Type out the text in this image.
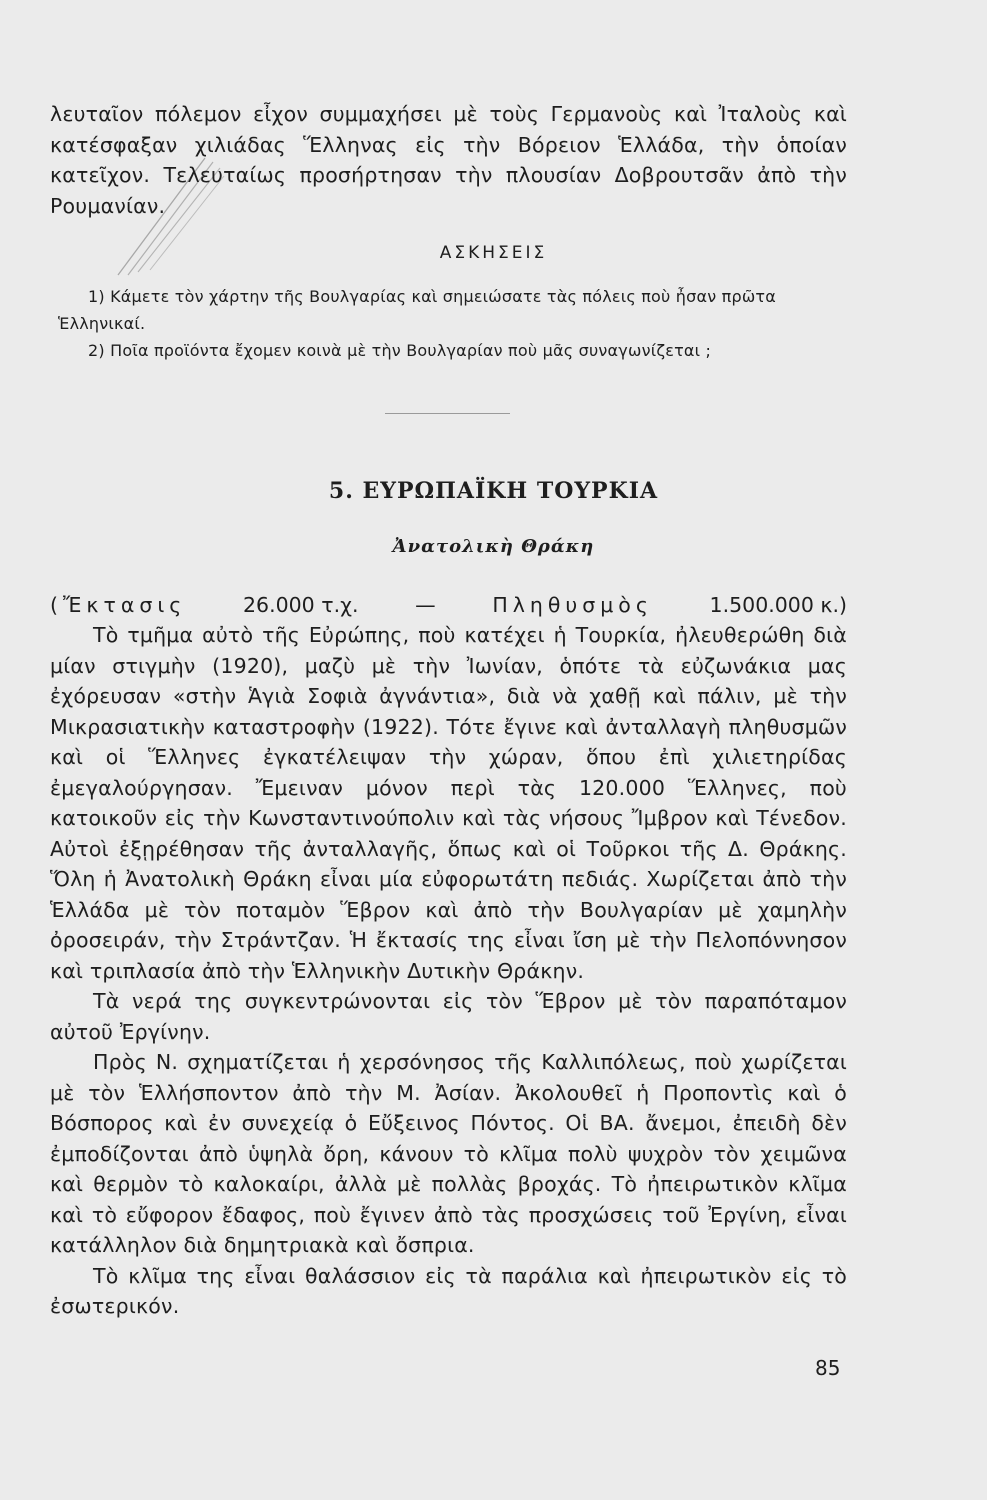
λευταῖον πόλεμον εἶχον συμμαχήσει μὲ τοὺς Γερμανοὺς καὶ Ἰταλοὺς καὶ κατέσφαξαν χιλιάδας Ἕλληνας εἰς τὴν Βόρειον Ἑλλάδα, τὴν ὁποίαν κατεῖχον. Τελευταίως προσήρτησαν τὴν πλουσίαν Δοβρουτσᾶν ἀπὸ τὴν Ρουμανίαν.

ΑΣΚΗΣΕΙΣ

1) Κάμετε τὸν χάρτην τῆς Βουλγαρίας καὶ σημειώσατε τὰς πόλεις ποὺ ἦσαν πρῶτα Ἑλληνικαί.

2) Ποῖα προϊόντα ἔχομεν κοινὰ μὲ τὴν Βουλγαρίαν ποὺ μᾶς συναγωνίζεται ;

5. ΕΥΡΩΠΑΪΚΗ ΤΟΥΡΚΙΑ
Ἀνατολικὴ Θράκη
(Ἔκτασις	26.000 τ.χ.	—	Πληθυσμὸς	1.500.000 κ.)

Τὸ τμῆμα αὐτὸ τῆς Εὐρώπης, ποὺ κατέχει ἡ Τουρκία, ἠλευθερώθη διὰ μίαν στιγμὴν (1920), μαζὺ μὲ τὴν Ἰωνίαν, ὁπότε τὰ εὐζωνάκια μας ἐχόρευσαν «στὴν Ἁγιὰ Σοφιὰ ἀγνάντια», διὰ νὰ χαθῇ καὶ πάλιν, μὲ τὴν Μικρασιατικὴν καταστροφὴν (1922). Τότε ἔγινε καὶ ἀνταλλαγὴ πληθυσμῶν καὶ οἱ Ἕλληνες ἐγκατέλειψαν τὴν χώραν, ὅπου ἐπὶ χιλιετηρίδας ἐμεγαλούργησαν. Ἔμειναν μόνον περὶ τὰς 120.000 Ἕλληνες, ποὺ κατοικοῦν εἰς τὴν Κωνσταντινούπολιν καὶ τὰς νήσους Ἴμβρον καὶ Τένεδον. Αὐτοὶ ἐξῃρέθησαν τῆς ἀνταλλαγῆς, ὅπως καὶ οἱ Τοῦρκοι τῆς Δ. Θράκης. Ὅλη ἡ Ἀνατολικὴ Θράκη εἶναι μία εὐφορωτάτη πεδιάς. Χωρίζεται ἀπὸ τὴν Ἑλλάδα μὲ τὸν ποταμὸν Ἕβρον καὶ ἀπὸ τὴν Βουλγαρίαν μὲ χαμηλὴν ὀροσειράν, τὴν Στράντζαν. Ἡ ἔκτασίς της εἶναι ἴση μὲ τὴν Πελοπόννησον καὶ τριπλασία ἀπὸ τὴν Ἑλληνικὴν Δυτικὴν Θράκην.

Τὰ νερά της συγκεντρώνονται εἰς τὸν Ἕβρον μὲ τὸν παραπόταμον αὐτοῦ Ἐργίνην.

Πρὸς Ν. σχηματίζεται ἡ χερσόνησος τῆς Καλλιπόλεως, ποὺ χωρίζεται μὲ τὸν Ἑλλήσποντον ἀπὸ τὴν Μ. Ἀσίαν. Ἀκολουθεῖ ἡ Προποντὶς καὶ ὁ Βόσπορος καὶ ἐν συνεχείᾳ ὁ Εὔξεινος Πόντος. Οἱ ΒΑ. ἄνεμοι, ἐπειδὴ δὲν ἐμποδίζονται ἀπὸ ὑψηλὰ ὄρη, κάνουν τὸ κλῖμα πολὺ ψυχρὸν τὸν χειμῶνα καὶ θερμὸν τὸ καλοκαίρι, ἀλλὰ μὲ πολλὰς βροχάς. Τὸ ἠπειρωτικὸν κλῖμα καὶ τὸ εὔφορον ἔδαφος, ποὺ ἔγινεν ἀπὸ τὰς προσχώσεις τοῦ Ἐργίνη, εἶναι κατάλληλον διὰ δημητριακὰ καὶ ὄσπρια.

Τὸ κλῖμα της εἶναι θαλάσσιον εἰς τὰ παράλια καὶ ἠπειρωτικὸν εἰς τὸ ἐσωτερικόν.

85
